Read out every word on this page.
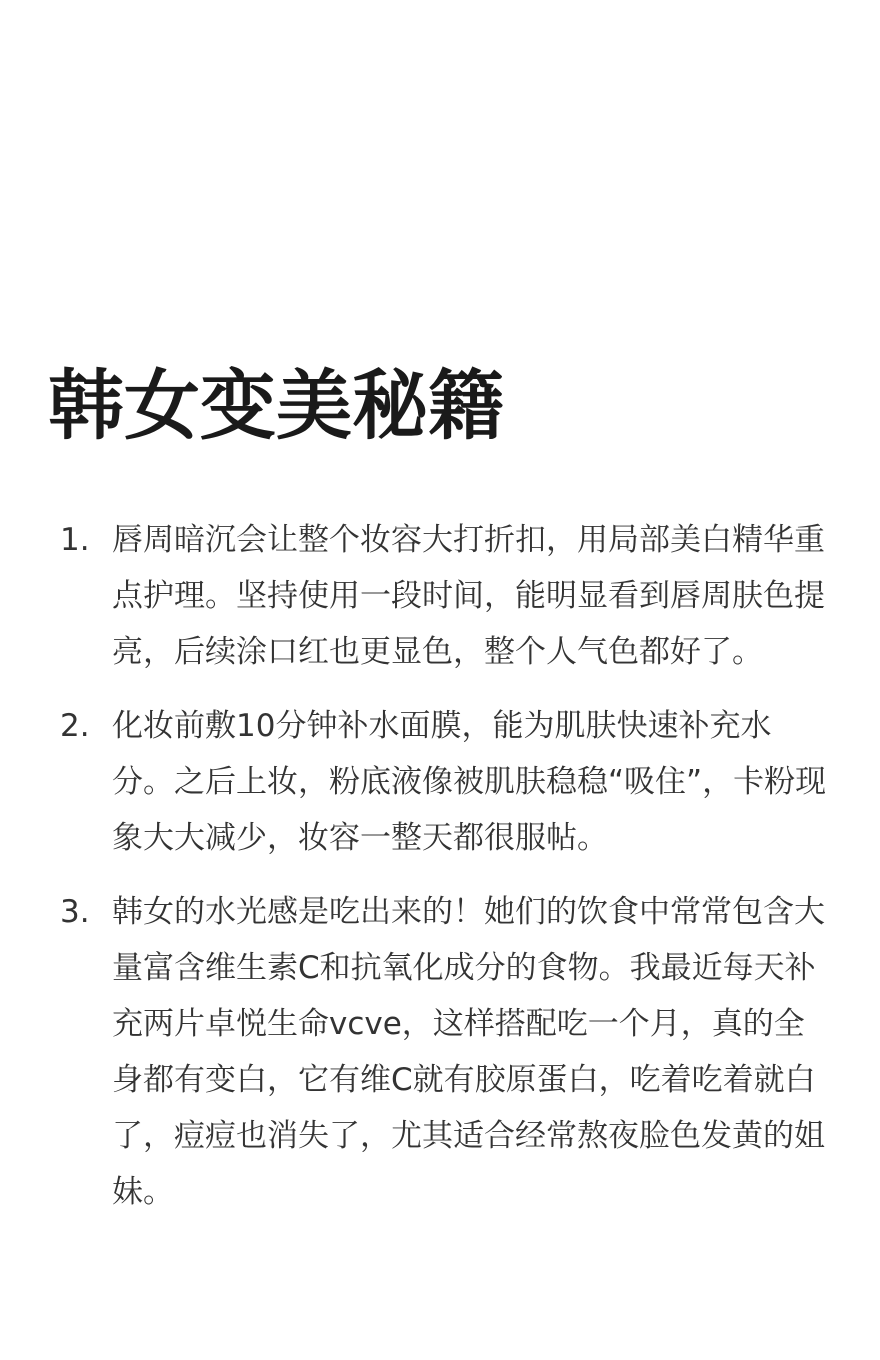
韩女变美秘籍
1. 唇周暗沉会让整个妆容大打折扣，用局部美白精华重点护理。坚持使用一段时间，能明显看到唇周肤色提亮，后续涂口红也更显色，整个人气色都好了。
2. 化妆前敷10分钟补水面膜，能为肌肤快速补充水分。之后上妆，粉底液像被肌肤稳稳“吸住”，卡粉现象大大减少，妆容一整天都很服帖。
3. 韩女的水光感是吃出来的！她们的饮食中常常包含大量富含维生素C和抗氧化成分的食物。我最近每天补充两片卓悦生命vcve，这样搭配吃一个月，真的全身都有变白，它有维C就有胶原蛋白，吃着吃着就白了，痘痘也消失了，尤其适合经常熬夜脸色发黄的姐妹。
